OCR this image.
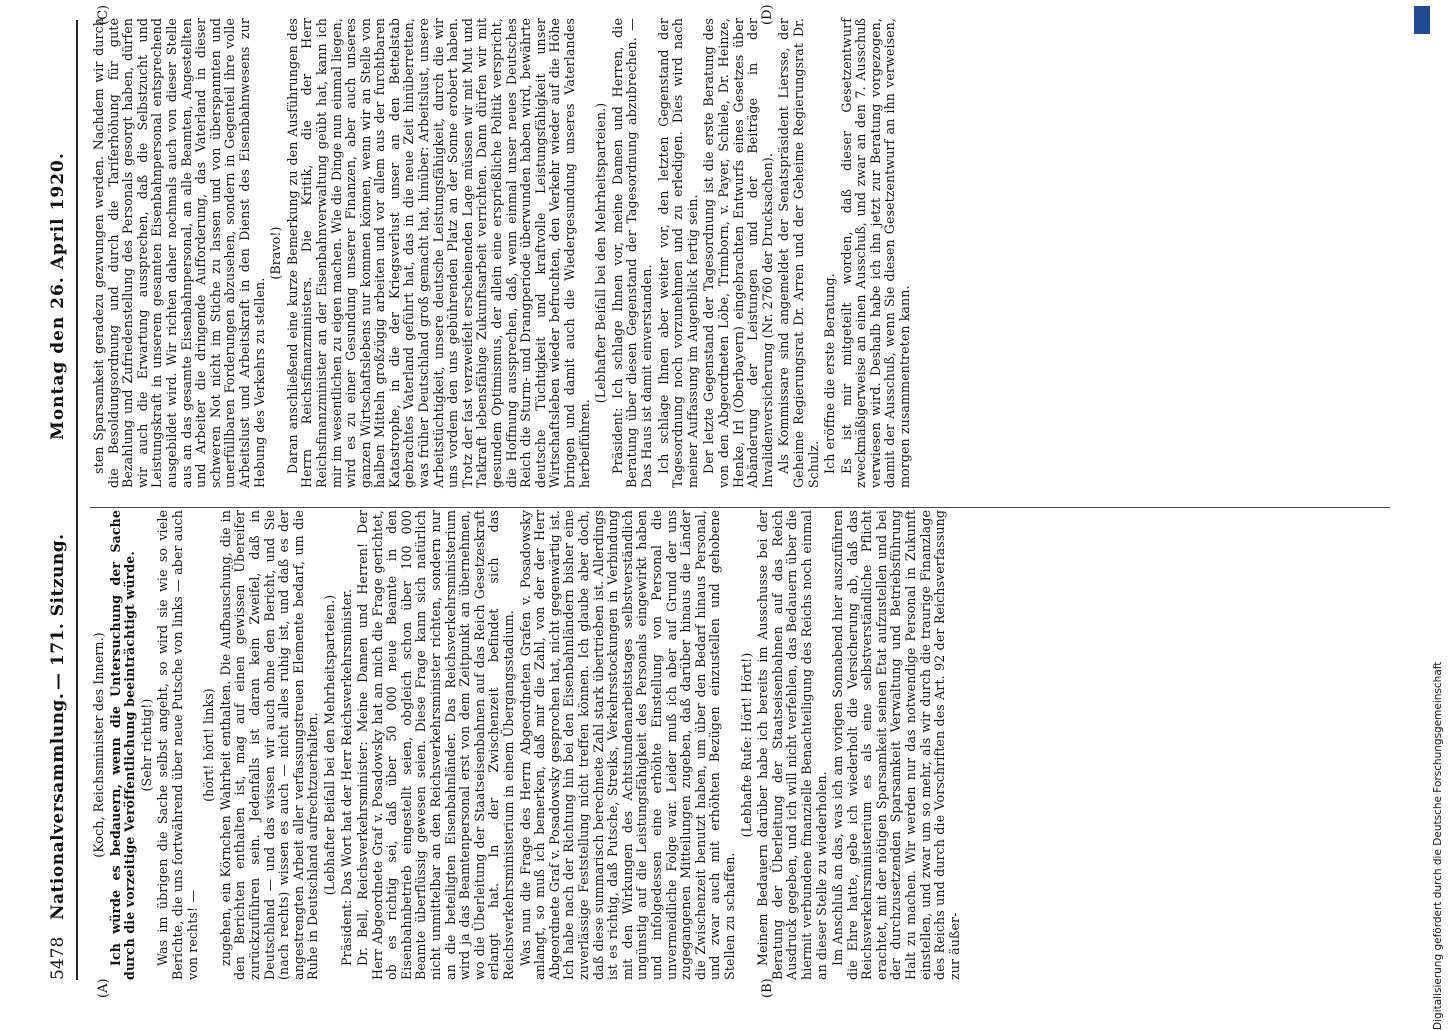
5478
Nationalversammlung.
— 171. Sitzung.
Montag den 26. April 1920.
(A)	(B)
(C)	(D)

(Koch, Reichsminister des Innern.) Ich würde es bedauern, wenn die Untersuchung der Sache durch die vorzeitige Veröffentlichung beeinträchtigt würde. (Sehr richtig!) Was im übrigen die Sache selbst angeht, so wird sie wie so viele Berichte, die uns fortwährend über neue Putsche von links — aber auch von rechts! —

(hört! hört! links) zugehen, ein Körnchen Wahrheit enthalten. Die Aufbauschung, die in den Berichten enthalten ist, mag auf einen gewissen Übereifer zurückzuführen sein. Jedenfalls ist daran kein Zweifel, daß in Deutschland — und das wissen wir auch ohne den Bericht, und Sie (nach rechts) wissen es auch — nicht alles ruhig ist, und daß es der angestrengten Arbeit aller verfassungstreuen Elemente bedarf, um die Ruhe in Deutschland aufrechtzuerhalten. (Lebhafter Beifall bei den Mehrheitsparteien.) Präsident: Das Wort hat der Herr Reichsverkehrsminister. Dr. Bell, Reichsverkehrsminister: Meine Damen und Herren! Der Herr Abgeordnete Graf v. Posadowsky hat an mich die Frage gerichtet, ob es richtig sei, daß über 50 000 neue Beamte in den Eisenbahnbetrieb eingestellt seien, obgleich schon über 100 000 Beamte überflüssig gewesen seien. Diese Frage kann sich natürlich nicht unmittelbar an den Reichsverkehrsminister richten, sondern nur an die beteiligten Eisenbahnländer. Das Reichsverkehrsministerium wird ja das Beamtenpersonal erst von dem Zeitpunkt an übernehmen, wo die Überleitung der Staatseisenbahnen auf das Reich Gesetzeskraft erlangt hat. In der Zwischenzeit befindet sich das Reichsverkehrsministerium in einem Übergangsstadium. Was nun die Frage des Herrn Abgeordneten Grafen v. Posadowsky anlangt, so muß ich bemerken, daß mir die Zahl, von der der Herr Abgeordnete Graf v. Posadowsky gesprochen hat, nicht gegenwärtig ist. Ich habe nach der Richtung hin bei den Eisenbahnländern bisher eine zuverlässige Feststellung nicht treffen können. Ich glaube aber doch, daß diese summarisch berechnete Zahl stark übertrieben ist. Allerdings ist es richtig, daß Putsche, Streiks, Verkehrsstockungen in Verbindung mit den Wirkungen des Achtstundenarbeitstages selbstverständlich ungünstig auf die Leistungsfähigkeit des Personals eingewirkt haben und infolgedessen eine erhöhte Einstellung von Personal die unvermeidliche Folge war. Leider muß ich aber auf Grund der uns zugegangenen Mitteilungen zugeben, daß darüber hinaus die Länder die Zwischenzeit benutzt haben, um über den Bedarf hinaus Personal, und zwar auch mit erhöhten Bezügen einzustellen und gehobene Stellen zu schaffen.

(Lebhafte Rufe: Hört! Hört!) Meinem Bedauern darüber habe ich bereits im Ausschusse bei der Beratung der Überleitung der Staatseisenbahnen auf das Reich Ausdruck gegeben, und ich will nicht verfehlen, das Bedauern über die hiermit verbundene finanzielle Benachteiligung des Reichs noch einmal an dieser Stelle zu wiederholen. Im Anschluß an das, was ich am vorigen Sonnabend hier auszuführen die Ehre hatte, gebe ich wiederholt die Versicherung ab, daß das Reichsverkehrsministerium es als eine selbstverständliche Pflicht erachtet, mit der nötigen Sparsamkeit seinen Etat aufzustellen und bei der durchzusetzenden Sparsamkeit Verwaltung und Betriebsführung Halt zu machen. Wir werden nur das notwendige Personal in Zukunft einstellen, und zwar um so mehr, als wir durch die traurige Finanzlage des Reichs und durch die Vorschriften des Art. 92 der Reichsverfassung zur äußer-

sten Sparsamkeit geradezu gezwungen werden. Nachdem wir durch die Besoldungsordnung und durch die Tariferhöhung für gute Bezahlung und Zufriedenstellung des Personals gesorgt haben, dürfen wir auch die Erwartung aussprechen, daß die Selbstzucht und Leistungskraft in unserem gesamten Eisenbahnpersonal entsprechend ausgebildet wird. Wir richten daher nochmals auch von dieser Stelle aus an das gesamte Eisenbahnpersonal, an alle Beamten, Angestellten und Arbeiter die dringende Aufforderung, das Vaterland in dieser schweren Not nicht im Stiche zu lassen und von überspannten und unerfüllbaren Forderungen abzusehen, sondern in Gegenteil ihre volle Arbeitslust und Arbeitskraft in den Dienst des Eisenbahnwesens zur Hebung des Verkehrs zu stellen.

(Bravo!) Daran anschließend eine kurze Bemerkung zu den Ausführungen des Herrn Reichsfinanzministers. Die Kritik, die der Herr Reichsfinanzminister an der Eisenbahnverwaltung geübt hat, kann ich mir im wesentlichen zu eigen machen. Wie die Dinge nun einmal liegen, wird es zu einer Gesundung unserer Finanzen, aber auch unseres ganzen Wirtschaftslebens nur kommen können, wenn wir an Stelle von halben Mitteln großzügig arbeiten und vor allem aus der furchtbaren Katastrophe, in die der Kriegsverlust unser an den Bettelstab gebrachtes Vaterland geführt hat, das in die neue Zeit hinüberretten, was früher Deutschland groß gemacht hat, hinüber: Arbeitslust, unsere Arbeitstüchtigkeit, unsere deutsche Leistungsfähigkeit, durch die wir uns vordem den uns gebührenden Platz an der Sonne erobert haben. Trotz der fast verzweifelt erscheinenden Lage müssen wir mit Mut und Tatkraft lebensfähige Zukunftsarbeit verrichten. Dann dürfen wir mit gesundem Optimismus, der allein eine ersprießliche Politik verspricht, die Hoffnung aussprechen, daß, wenn einmal unser neues Deutsches Reich die Sturm- und Drangperiode überwunden haben wird, bewährte deutsche Tüchtigkeit und kraftvolle Leistungsfähigkeit unser Wirtschaftsleben wieder befruchten, den Verkehr wieder auf die Höhe bringen und damit auch die Wiedergesundung unseres Vaterlandes herbeiführen.

(Lebhafter Beifall bei den Mehrheitsparteien.) Präsident: Ich schlage Ihnen vor, meine Damen und Herren, die Beratung über diesen Gegenstand der Tagesordnung abzubrechen. — Das Haus ist damit einverstanden. Ich schlage Ihnen aber weiter vor, den letzten Gegenstand der Tagesordnung noch vorzunehmen und zu erledigen. Dies wird nach meiner Auffassung im Augenblick fertig sein. Der letzte Gegenstand der Tagesordnung ist die erste Beratung des von den Abgeordneten Löbe, Trimborn, v. Payer, Schiele, Dr. Heinze, Henke, Irl (Oberbayern) eingebrachten Entwurfs eines Gesetzes über Abänderung der Leistungen und der Beiträge in der Invalidenversicherung (Nr. 2760 der Drucksachen). Als Kommissare sind angemeldet der Senatspräsident Liersse, der Geheime Regierungsrat Dr. Arren und der Geheime Regierungsrat Dr. Schulz. Ich eröffne die erste Beratung. Es ist mir mitgeteilt worden, daß dieser Gesetzentwurf zweckmäßigerweise an einen Ausschuß, und zwar an den 7. Ausschuß verwiesen wird. Deshalb habe ich ihn jetzt zur Beratung vorgezogen, damit der Ausschuß, wenn Sie diesen Gesetzentwurf an ihn verweisen, morgen zusammentreten kann.

Digitalisierung gefördert durch die Deutsche Forschungsgemeinschaft
